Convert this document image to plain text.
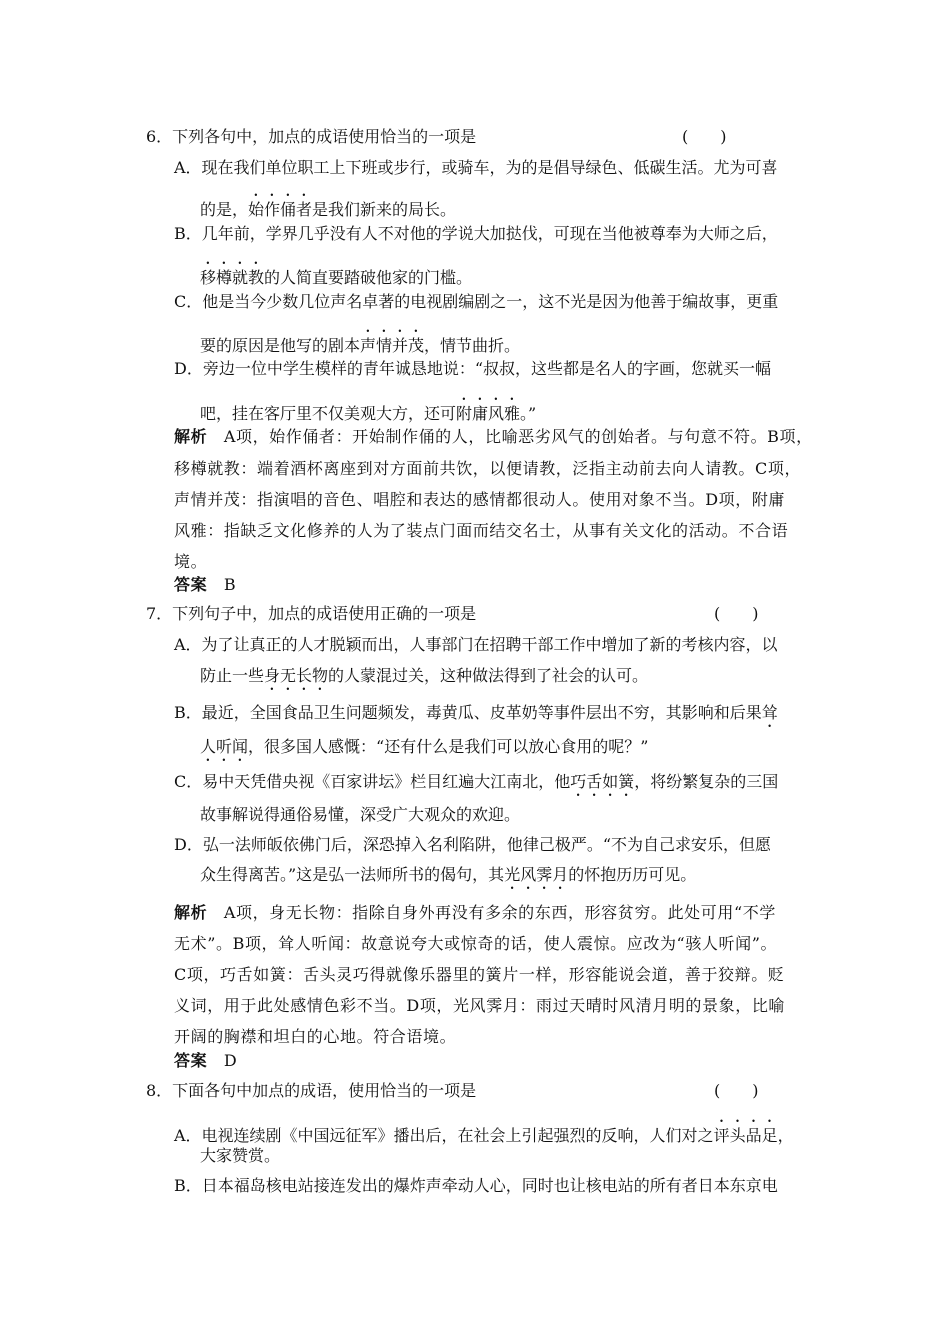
6．下列各句中，加点的成语使用恰当的一项是	(　　)
A．现在我们单位职工上下班或步行，或骑车，为的是倡导绿色、低碳生活。尤为可喜
的是，始作俑者是我们新来的局长。
B．几年前，学界几乎没有人不对他的学说大加挞伐，可现在当他被尊奉为大师之后，
移樽就教的人简直要踏破他家的门槛。
C．他是当今少数几位声名卓著的电视剧编剧之一，这不光是因为他善于编故事，更重
要的原因是他写的剧本声情并茂，情节曲折。
D．旁边一位中学生模样的青年诚恳地说：“叔叔，这些都是名人的字画，您就买一幅
吧，挂在客厅里不仅美观大方，还可附庸风雅。”
解析　 A项，始作俑者：开始制作俑的人，比喻恶劣风气的创始者。与句意不符。B项，
移樽就教：端着酒杯离座到对方面前共饮，以便请教，泛指主动前去向人请教。C项，
声情并茂：指演唱的音色、唱腔和表达的感情都很动人。使用对象不当。D项，附庸
风雅：指缺乏文化修养的人为了装点门面而结交名士，从事有关文化的活动。不合语
境。
答案　 B
7．下列句子中，加点的成语使用正确的一项是	(　　)
A．为了让真正的人才脱颖而出，人事部门在招聘干部工作中增加了新的考核内容，以
防止一些身无长物的人蒙混过关，这种做法得到了社会的认可。
B．最近，全国食品卫生问题频发，毒黄瓜、皮革奶等事件层出不穷，其影响和后果耸
人听闻，很多国人感慨：“还有什么是我们可以放心食用的呢？”
C．易中天凭借央视《百家讲坛》栏目红遍大江南北，他巧舌如簧，将纷繁复杂的三国
故事解说得通俗易懂，深受广大观众的欢迎。
D．弘一法师皈依佛门后，深恐掉入名利陷阱，他律己极严。“不为自己求安乐，但愿
众生得离苦。”这是弘一法师所书的偈句，其光风霁月的怀抱历历可见。
解析　 A项，身无长物：指除自身外再没有多余的东西，形容贫穷。此处可用“不学
无术”。B项，耸人听闻：故意说夸大或惊奇的话，使人震惊。应改为“骇人听闻”。
C项，巧舌如簧：舌头灵巧得就像乐器里的簧片一样，形容能说会道，善于狡辩。贬
义词，用于此处感情色彩不当。D项，光风霁月：雨过天晴时风清月明的景象，比喻
开阔的胸襟和坦白的心地。符合语境。
答案　 D
8．下面各句中加点的成语，使用恰当的一项是	(　　)
A．电视连续剧《中国远征军》播出后，在社会上引起强烈的反响，人们对之评头品足，
大家赞赏。
B．日本福岛核电站接连发出的爆炸声牵动人心，同时也让核电站的所有者日本东京电
